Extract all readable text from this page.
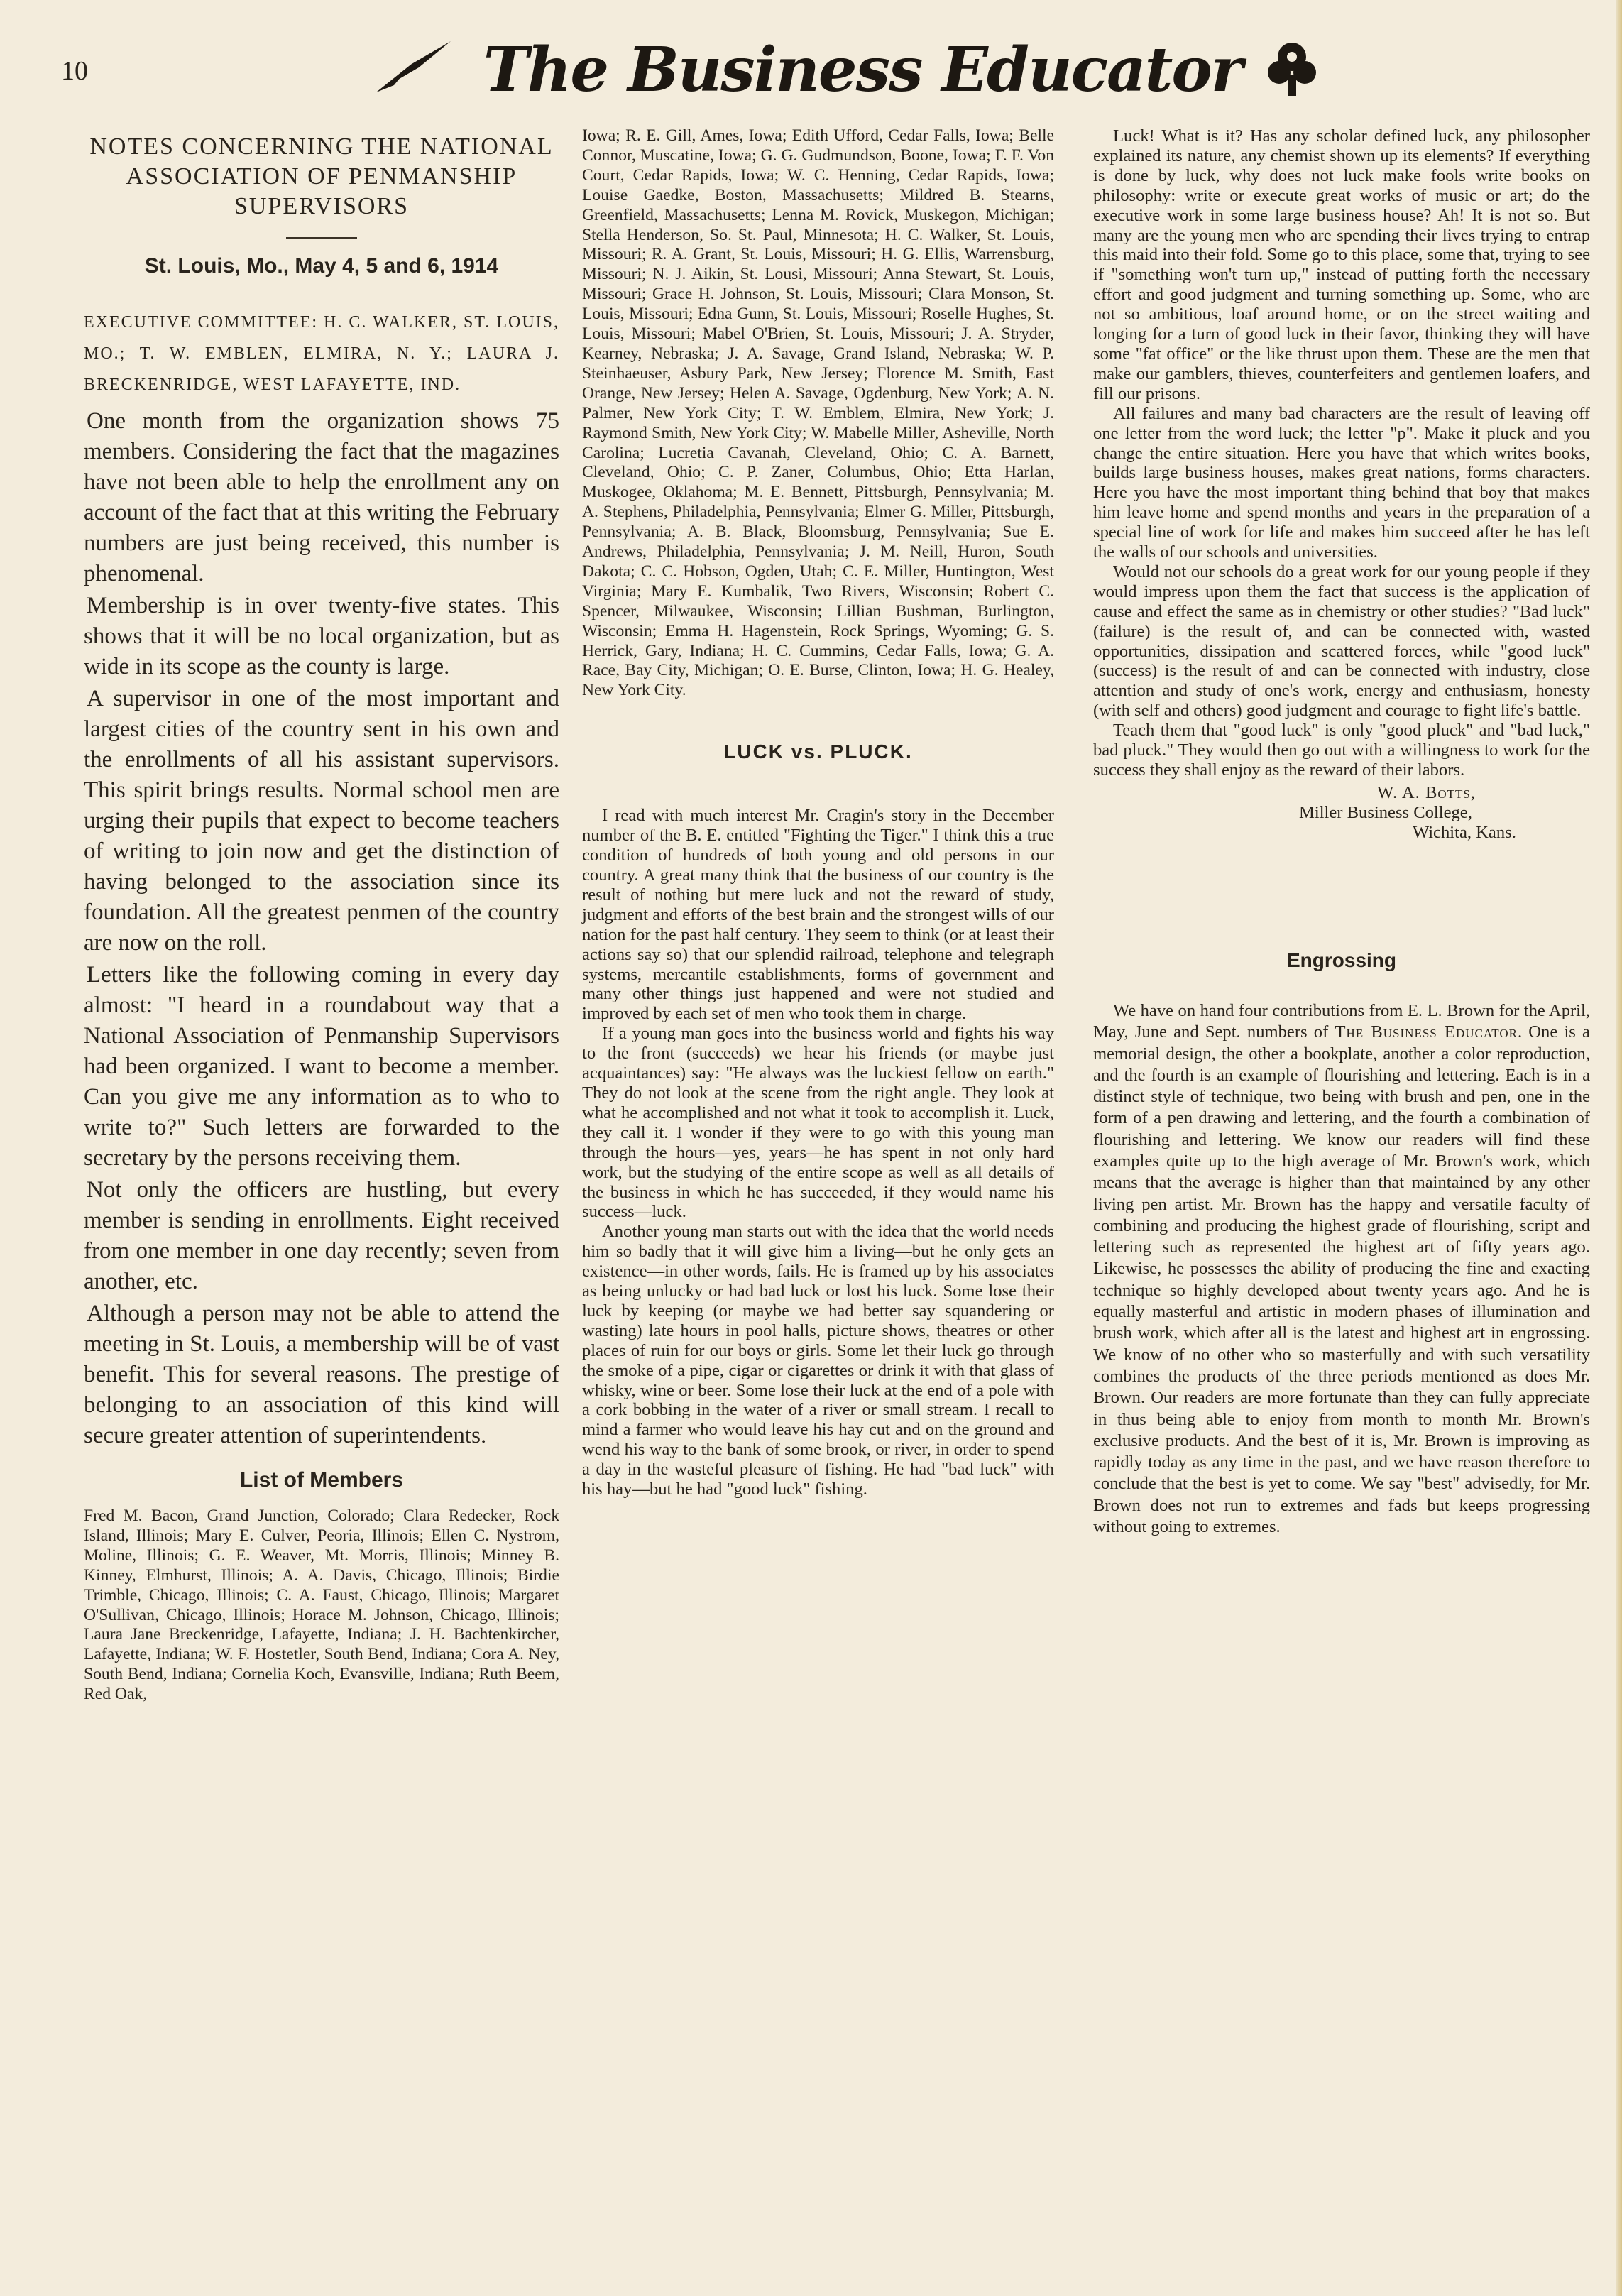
10	The Business Educator
NOTES CONCERNING THE NATIONAL ASSOCIATION OF PENMANSHIP SUPERVISORS
St. Louis, Mo., May 4, 5 and 6, 1914
EXECUTIVE COMMITTEE: H. C. WALKER, ST. LOUIS, MO.; T. W. EMBLEN, ELMIRA, N. Y.; LAURA J. BRECKENRIDGE, WEST LAFAYETTE, IND.

One month from the organization shows 75 members. Considering the fact that the magazines have not been able to help the enrollment any on account of the fact that at this writing the February numbers are just being received, this number is phenomenal.

Membership is in over twenty-five states. This shows that it will be no local organization, but as wide in its scope as the county is large.

A supervisor in one of the most important and largest cities of the country sent in his own and the enrollments of all his assistant supervisors. This spirit brings results. Normal school men are urging their pupils that expect to become teachers of writing to join now and get the distinction of having belonged to the association since its foundation. All the greatest penmen of the country are now on the roll.

Letters like the following coming in every day almost: "I heard in a roundabout way that a National Association of Penmanship Supervisors had been organized. I want to become a member. Can you give me any information as to who to write to?" Such letters are forwarded to the secretary by the persons receiving them.

Not only the officers are hustling, but every member is sending in enrollments. Eight received from one member in one day recently; seven from another, etc.

Although a person may not be able to attend the meeting in St. Louis, a membership will be of vast benefit. This for several reasons. The prestige of belonging to an association of this kind will secure greater attention of superintendents.

List of Members

Fred M. Bacon, Grand Junction, Colorado; Clara Redecker, Rock Island, Illinois; Mary E. Culver, Peoria, Illinois; Ellen C. Nystrom, Moline, Illinois; G. E. Weaver, Mt. Morris, Illinois; Minney B. Kinney, Elmhurst, Illinois; A. A. Davis, Chicago, Illinois; Birdie Trimble, Chicago, Illinois; C. A. Faust, Chicago, Illinois; Margaret O'Sullivan, Chicago, Illinois; Horace M. Johnson, Chicago, Illinois; Laura Jane Breckenridge, Lafayette, Indiana; J. H. Bachtenkircher, Lafayette, Indiana; W. F. Hostetler, South Bend, Indiana; Cora A. Ney, South Bend, Indiana; Cornelia Koch, Evansville, Indiana; Ruth Beem, Red Oak,

Iowa; R. E. Gill, Ames, Iowa; Edith Ufford, Cedar Falls, Iowa; Belle Connor, Muscatine, Iowa; G. G. Gudmundson, Boone, Iowa; F. F. Von Court, Cedar Rapids, Iowa; W. C. Henning, Cedar Rapids, Iowa; Louise Gaedke, Boston, Massachusetts; Mildred B. Stearns, Greenfield, Massachusetts; Lenna M. Rovick, Muskegon, Michigan; Stella Henderson, So. St. Paul, Minnesota; H. C. Walker, St. Louis, Missouri; R. A. Grant, St. Louis, Missouri; H. G. Ellis, Warrensburg, Missouri; N. J. Aikin, St. Lousi, Missouri; Anna Stewart, St. Louis, Missouri; Grace H. Johnson, St. Louis, Missouri; Clara Monson, St. Louis, Missouri; Edna Gunn, St. Louis, Missouri; Roselle Hughes, St. Louis, Missouri; Mabel O'Brien, St. Louis, Missouri; J. A. Stryder, Kearney, Nebraska; J. A. Savage, Grand Island, Nebraska; W. P. Steinhaeuser, Asbury Park, New Jersey; Florence M. Smith, East Orange, New Jersey; Helen A. Savage, Ogdenburg, New York; A. N. Palmer, New York City; T. W. Emblem, Elmira, New York; J. Raymond Smith, New York City; W. Mabelle Miller, Asheville, North Carolina; Lucretia Cavanah, Cleveland, Ohio; C. A. Barnett, Cleveland, Ohio; C. P. Zaner, Columbus, Ohio; Etta Harlan, Muskogee, Oklahoma; M. E. Bennett, Pittsburgh, Pennsylvania; M. A. Stephens, Philadelphia, Pennsylvania; Elmer G. Miller, Pittsburgh, Pennsylvania; A. B. Black, Bloomsburg, Pennsylvania; Sue E. Andrews, Philadelphia, Pennsylvania; J. M. Neill, Huron, South Dakota; C. C. Hobson, Ogden, Utah; C. E. Miller, Huntington, West Virginia; Mary E. Kumbalik, Two Rivers, Wisconsin; Robert C. Spencer, Milwaukee, Wisconsin; Lillian Bushman, Burlington, Wisconsin; Emma H. Hagenstein, Rock Springs, Wyoming; G. S. Herrick, Gary, Indiana; H. C. Cummins, Cedar Falls, Iowa; G. A. Race, Bay City, Michigan; O. E. Burse, Clinton, Iowa; H. G. Healey, New York City.

LUCK vs. PLUCK.

I read with much interest Mr. Cragin's story in the December number of the B. E. entitled "Fighting the Tiger." I think this a true condition of hundreds of both young and old persons in our country. A great many think that the business of our country is the result of nothing but mere luck and not the reward of study, judgment and efforts of the best brain and the strongest wills of our nation for the past half century. They seem to think (or at least their actions say so) that our splendid railroad, telephone and telegraph systems, mercantile establishments, forms of government and many other things just happened and were not studied and improved by each set of men who took them in charge.

If a young man goes into the business world and fights his way to the front (succeeds) we hear his friends (or maybe just acquaintances) say: "He always was the luckiest fellow on earth." They do not look at the scene from the right angle. They look at what he accomplished and not what it took to accomplish it. Luck, they call it. I wonder if they were to go with this young man through the hours—yes, years—he has spent in not only hard work, but the studying of the entire scope as well as all details of the business in which he has succeeded, if they would name his success—luck.

Another young man starts out with the idea that the world needs him so badly that it will give him a living—but he only gets an existence—in other words, fails. He is framed up by his associates as being unlucky or had bad luck or lost his luck. Some lose their luck by keeping (or maybe we had better say squandering or wasting) late hours in pool halls, picture shows, theatres or other places of ruin for our boys or girls. Some let their luck go through the smoke of a pipe, cigar or cigarettes or drink it with that glass of whisky, wine or beer. Some lose their luck at the end of a pole with a cork bobbing in the water of a river or small stream. I recall to mind a farmer who would leave his hay cut and on the ground and wend his way to the bank of some brook, or river, in order to spend a day in the wasteful pleasure of fishing. He had "bad luck" with his hay—but he had "good luck" fishing.

Luck! What is it? Has any scholar defined luck, any philosopher explained its nature, any chemist shown up its elements? If everything is done by luck, why does not luck make fools write books on philosophy: write or execute great works of music or art; do the executive work in some large business house? Ah! It is not so. But many are the young men who are spending their lives trying to entrap this maid into their fold. Some go to this place, some that, trying to see if "something won't turn up," instead of putting forth the necessary effort and good judgment and turning something up. Some, who are not so ambitious, loaf around home, or on the street waiting and longing for a turn of good luck in their favor, thinking they will have some "fat office" or the like thrust upon them. These are the men that make our gamblers, thieves, counterfeiters and gentlemen loafers, and fill our prisons.

All failures and many bad characters are the result of leaving off one letter from the word luck; the letter "p". Make it pluck and you change the entire situation. Here you have that which writes books, builds large business houses, makes great nations, forms characters. Here you have the most important thing behind that boy that makes him leave home and spend months and years in the preparation of a special line of work for life and makes him succeed after he has left the walls of our schools and universities.

Would not our schools do a great work for our young people if they would impress upon them the fact that success is the application of cause and effect the same as in chemistry or other studies? "Bad luck" (failure) is the result of, and can be connected with, wasted opportunities, dissipation and scattered forces, while "good luck" (success) is the result of and can be connected with industry, close attention and study of one's work, energy and enthusiasm, honesty (with self and others) good judgment and courage to fight life's battle.

Teach them that "good luck" is only "good pluck" and "bad luck," bad pluck." They would then go out with a willingness to work for the success they shall enjoy as the reward of their labors.

W. A. Botts,
Miller Business College,
Wichita, Kans.
Engrossing

We have on hand four contributions from E. L. Brown for the April, May, June and Sept. numbers of The Business Educator. One is a memorial design, the other a bookplate, another a color reproduction, and the fourth is an example of flourishing and lettering. Each is in a distinct style of technique, two being with brush and pen, one in the form of a pen drawing and lettering, and the fourth a combination of flourishing and lettering. We know our readers will find these examples quite up to the high average of Mr. Brown's work, which means that the average is higher than that maintained by any other living pen artist. Mr. Brown has the happy and versatile faculty of combining and producing the highest grade of flourishing, script and lettering such as represented the highest art of fifty years ago. Likewise, he possesses the ability of producing the fine and exacting technique so highly developed about twenty years ago. And he is equally masterful and artistic in modern phases of illumination and brush work, which after all is the latest and highest art in engrossing. We know of no other who so masterfully and with such versatility combines the products of the three periods mentioned as does Mr. Brown. Our readers are more fortunate than they can fully appreciate in thus being able to enjoy from month to month Mr. Brown's exclusive products. And the best of it is, Mr. Brown is improving as rapidly today as any time in the past, and we have reason therefore to conclude that the best is yet to come. We say "best" advisedly, for Mr. Brown does not run to extremes and fads but keeps progressing without going to extremes.
